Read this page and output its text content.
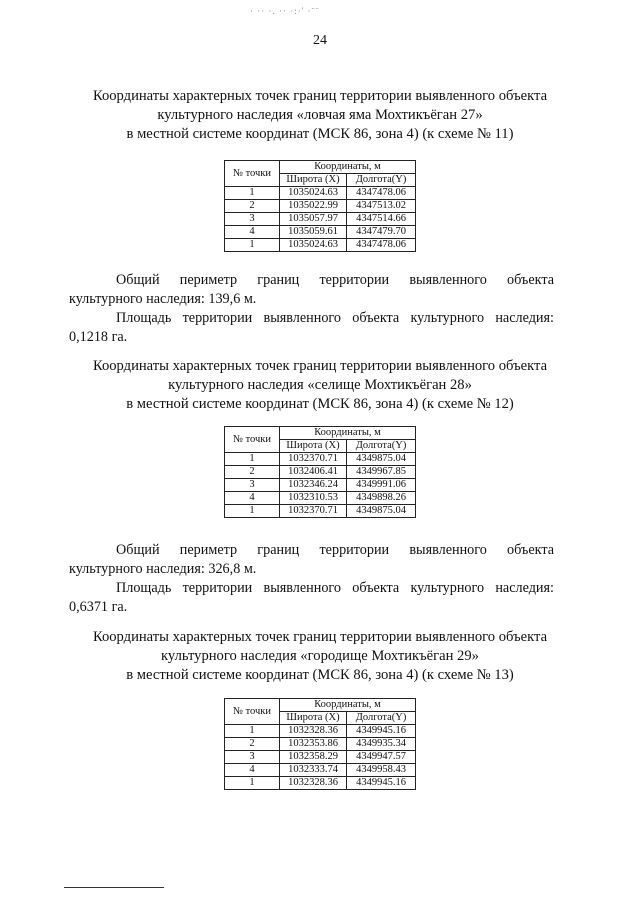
· ·· ·. ·· ·:·' ·¨¨
24
Координаты характерных точек границ территории выявленного объекта
культурного наследия «ловчая яма Мохтикъёган 27»
в местной системе координат (МСК 86, зона 4) (к схеме № 11)
№ точки	Координаты, м	
	Широта (X)	Долгота(Y)
1	1035024.63	4347478.06
2	1035022.99	4347513.02
3	1035057.97	4347514.66
4	1035059.61	4347479.70
1	1035024.63	4347478.06

Общий периметр границ территории выявленного объекта

культурного наследия: 139,6 м.

Площадь территории выявленного объекта культурного наследия:

0,1218 га.

Координаты характерных точек границ территории выявленного объекта
культурного наследия «селище Мохтикъёган 28»
в местной системе координат (МСК 86, зона 4) (к схеме № 12)
№ точки	Координаты, м	
	Широта (X)	Долгота(Y)
1	1032370.71	4349875.04
2	1032406.41	4349967.85
3	1032346.24	4349991.06
4	1032310.53	4349898.26
1	1032370.71	4349875.04

Общий периметр границ территории выявленного объекта

культурного наследия: 326,8 м.

Площадь территории выявленного объекта культурного наследия:

0,6371 га.

Координаты характерных точек границ территории выявленного объекта
культурного наследия «городище Мохтикъёган 29»
в местной системе координат (МСК 86, зона 4) (к схеме № 13)
№ точки	Координаты, м	
	Широта (X)	Долгота(Y)
1	1032328.36	4349945.16
2	1032353.86	4349935.34
3	1032358.29	4349947.57
4	1032333.74	4349958.43
1	1032328.36	4349945.16
